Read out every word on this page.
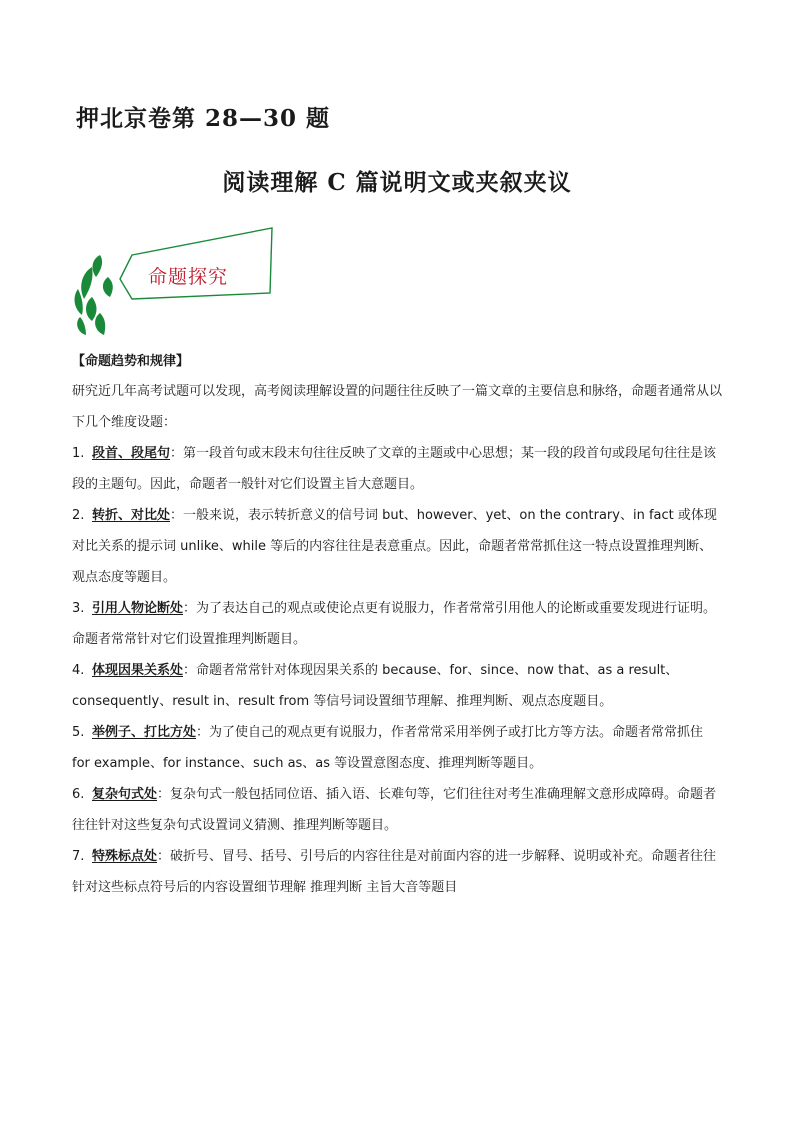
押北京卷第 28—30 题
阅读理解 C 篇说明文或夹叙夹议
命题探究
【命题趋势和规律】

研究近几年高考试题可以发现，高考阅读理解设置的问题往往反映了一篇文章的主要信息和脉络，命题者通常从以下几个维度设题：

1. 段首、段尾句：第一段首句或末段末句往往反映了文章的主题或中心思想；某一段的段首句或段尾句往往是该段的主题句。因此，命题者一般针对它们设置主旨大意题目。

2. 转折、对比处：一般来说，表示转折意义的信号词 but、however、yet、on the contrary、in fact 或体现对比关系的提示词 unlike、while 等后的内容往往是表意重点。因此，命题者常常抓住这一特点设置推理判断、观点态度等题目。

3. 引用人物论断处：为了表达自己的观点或使论点更有说服力，作者常常引用他人的论断或重要发现进行证明。命题者常常针对它们设置推理判断题目。

4. 体现因果关系处：命题者常常针对体现因果关系的 because、for、since、now that、as a result、consequently、result in、result from 等信号词设置细节理解、推理判断、观点态度题目。

5. 举例子、打比方处：为了使自己的观点更有说服力，作者常常采用举例子或打比方等方法。命题者常常抓住 for example、for instance、such as、as 等设置意图态度、推理判断等题目。

6. 复杂句式处：复杂句式一般包括同位语、插入语、长难句等，它们往往对考生准确理解文意形成障碍。命题者往往针对这些复杂句式设置词义猜测、推理判断等题目。

7. 特殊标点处：破折号、冒号、括号、引号后的内容往往是对前面内容的进一步解释、说明或补充。命题者往往针对这些标点符号后的内容设置细节理解 推理判断 主旨大音等题目
